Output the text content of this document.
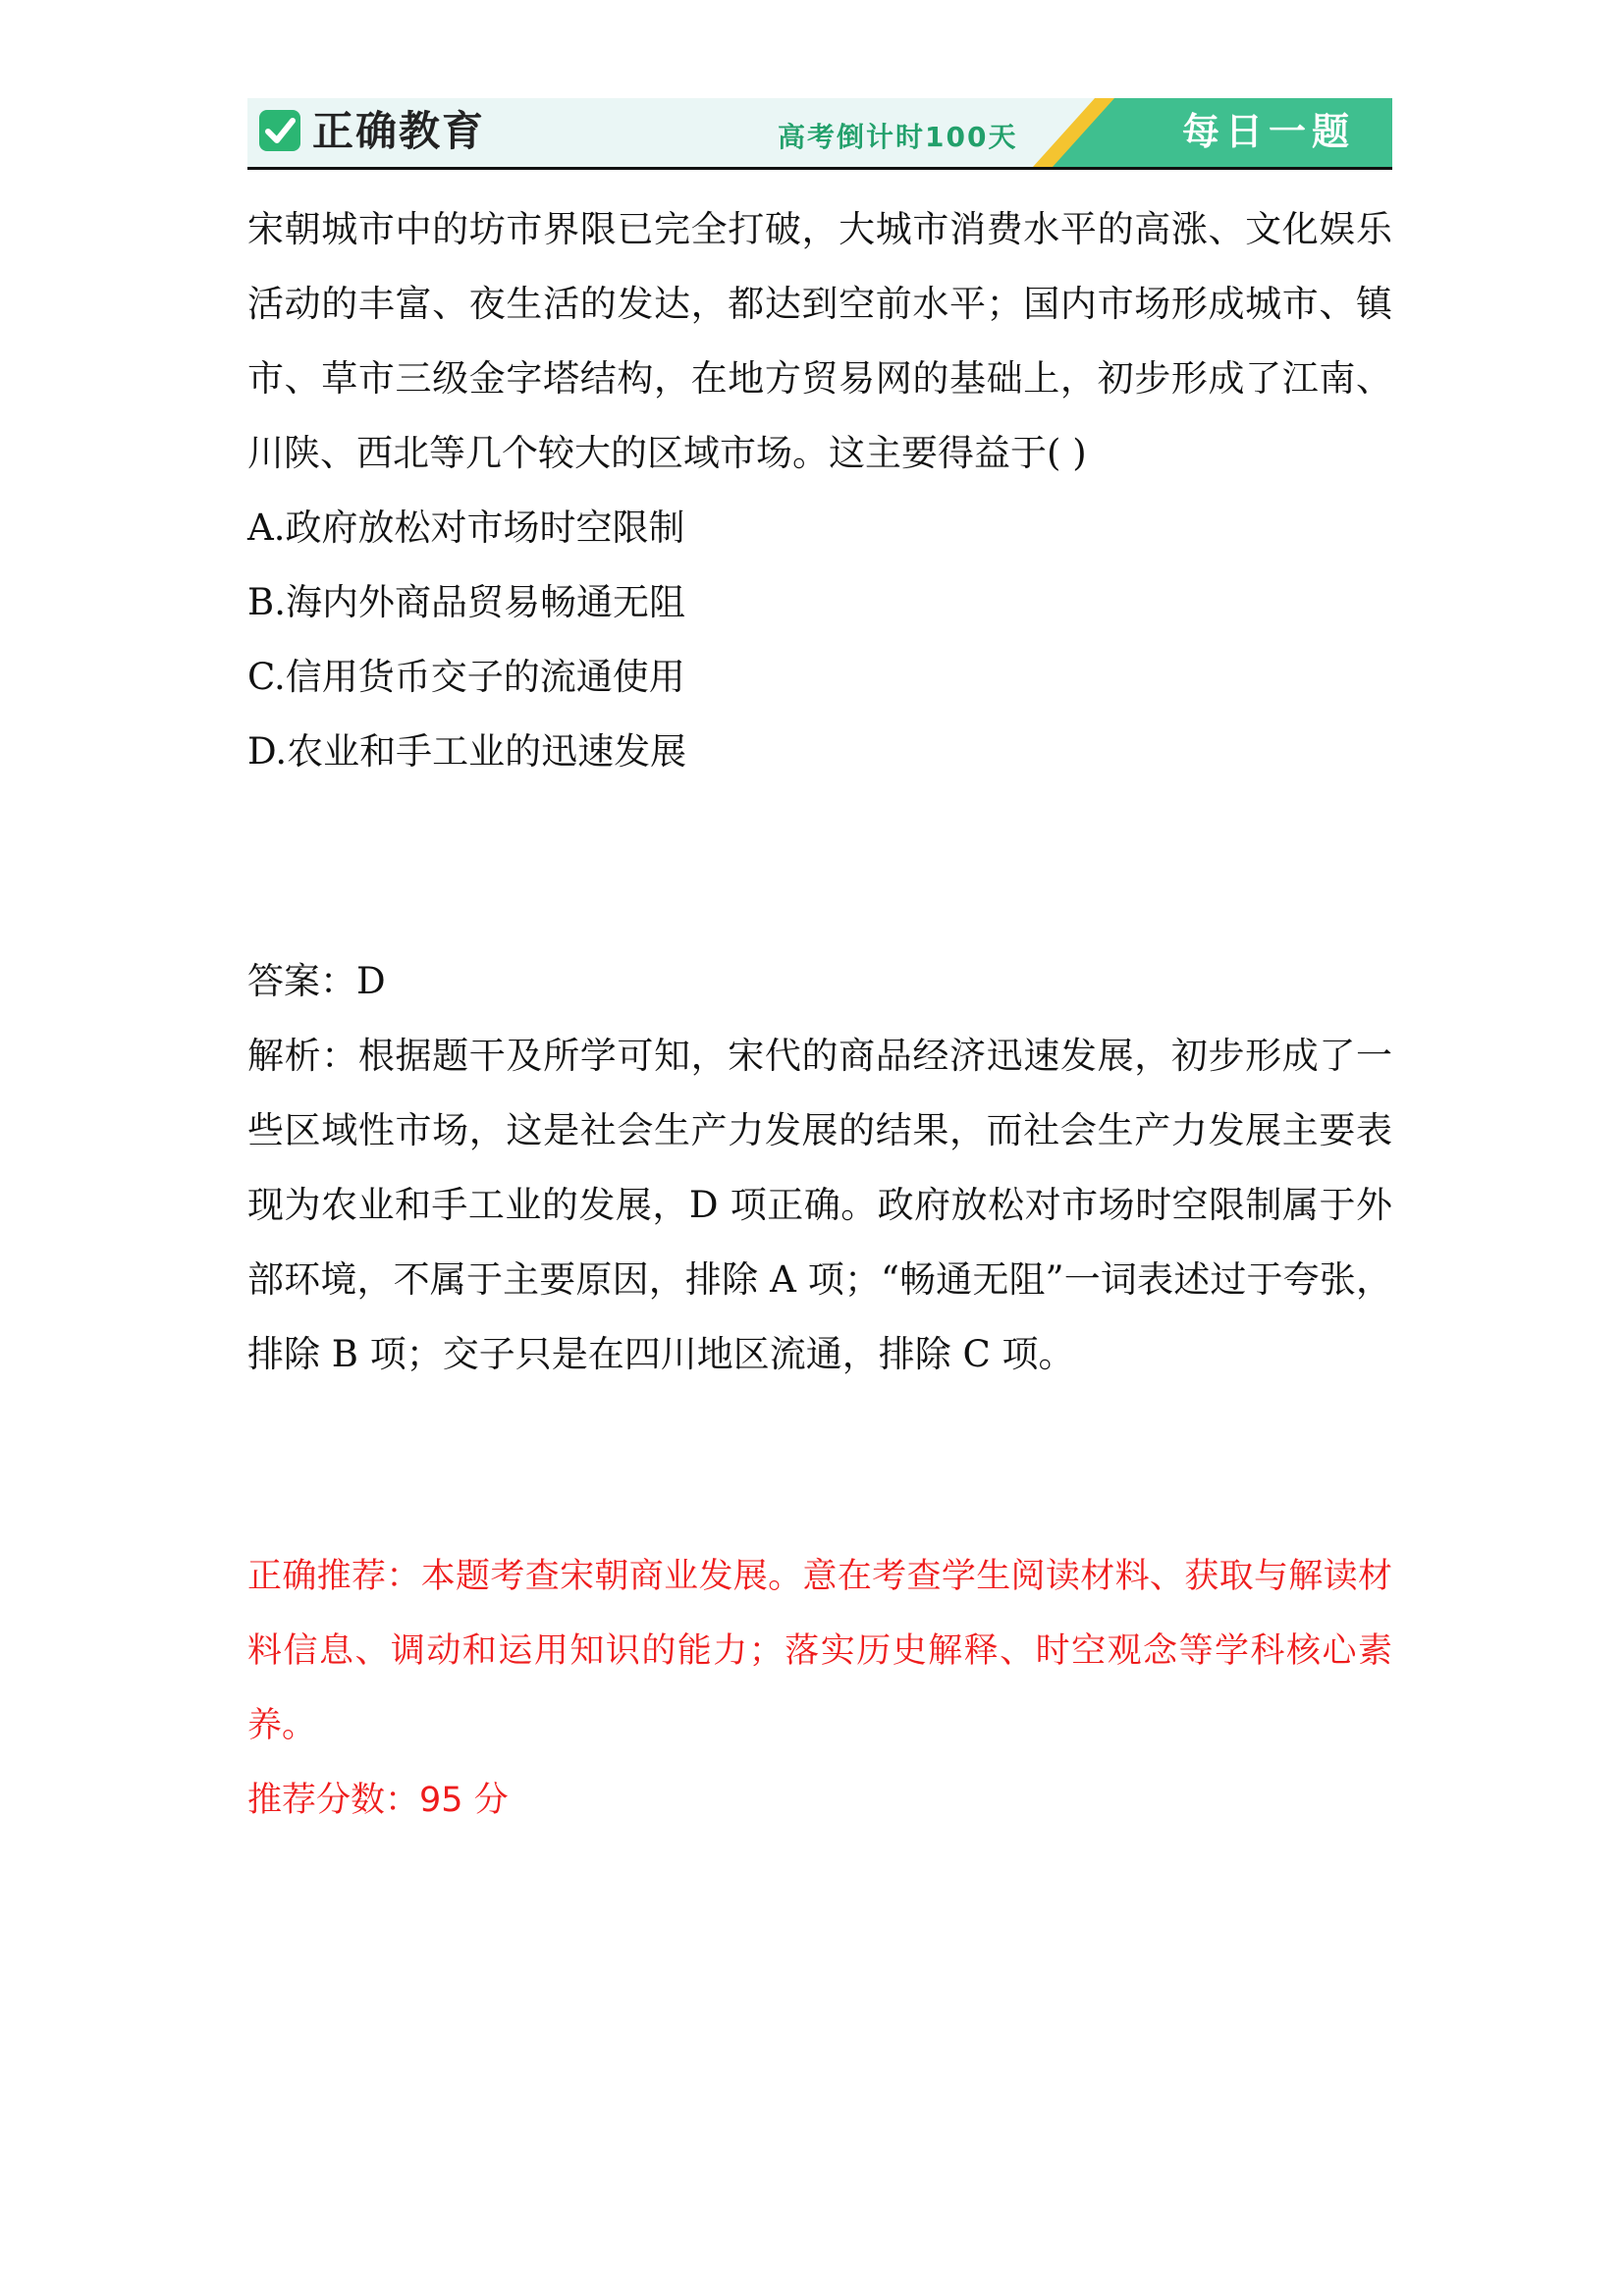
正确教育	高考倒计时100天	每日一题

宋朝城市中的坊市界限已完全打破，大城市消费水平的高涨、文化娱乐活动的丰富、夜生活的发达，都达到空前水平；国内市场形成城市、镇市、草市三级金字塔结构，在地方贸易网的基础上，初步形成了江南、川陕、西北等几个较大的区域市场。这主要得益于( )

A.政府放松对市场时空限制

B.海内外商品贸易畅通无阻

C.信用货币交子的流通使用

D.农业和手工业的迅速发展

答案：D

解析：根据题干及所学可知，宋代的商品经济迅速发展，初步形成了一些区域性市场，这是社会生产力发展的结果，而社会生产力发展主要表现为农业和手工业的发展，D 项正确。政府放松对市场时空限制属于外部环境，不属于主要原因，排除 A 项；“畅通无阻”一词表述过于夸张，排除 B 项；交子只是在四川地区流通，排除 C 项。

正确推荐：本题考查宋朝商业发展。意在考查学生阅读材料、获取与解读材料信息、调动和运用知识的能力；落实历史解释、时空观念等学科核心素养。

推荐分数：95 分
